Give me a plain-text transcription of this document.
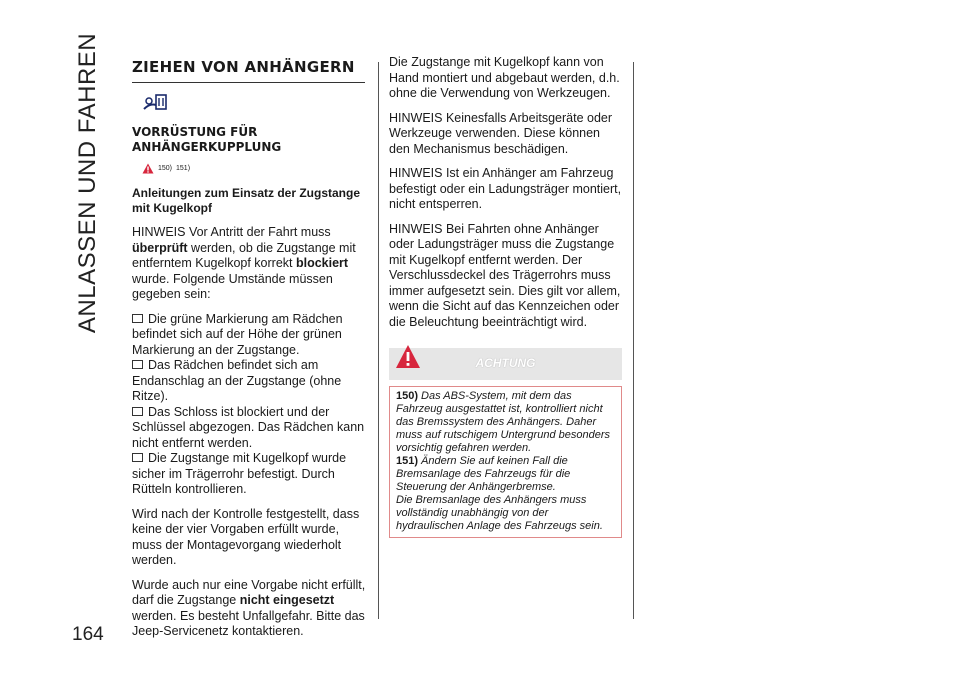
ANLASSEN UND FAHREN
164
ZIEHEN VON ANHÄNGERN
VORRÜSTUNG FÜR
ANHÄNGERKUPPLUNG
150) 151)
Anleitungen zum Einsatz der Zugstange mit Kugelkopf

HINWEIS Vor Antritt der Fahrt muss überprüft werden, ob die Zugstange mit entferntem Kugelkopf korrekt blockiert wurde. Folgende Umstände müssen gegeben sein:

Die grüne Markierung am Rädchen befindet sich auf der Höhe der grünen Markierung an der Zugstange.
Das Rädchen befindet sich am Endanschlag an der Zugstange (ohne Ritze).
Das Schloss ist blockiert und der Schlüssel abgezogen. Das Rädchen kann nicht entfernt werden.
Die Zugstange mit Kugelkopf wurde sicher im Trägerrohr befestigt. Durch Rütteln kontrollieren.

Wird nach der Kontrolle festgestellt, dass keine der vier Vorgaben erfüllt wurde, muss der Montagevorgang wiederholt werden.

Wurde auch nur eine Vorgabe nicht erfüllt, darf die Zugstange nicht eingesetzt werden. Es besteht Unfallgefahr. Bitte das Jeep-Servicenetz kontaktieren.

Die Zugstange mit Kugelkopf kann von Hand montiert und abgebaut werden, d.h. ohne die Verwendung von Werkzeugen.

HINWEIS Keinesfalls Arbeitsgeräte oder Werkzeuge verwenden. Diese können den Mechanismus beschädigen.

HINWEIS Ist ein Anhänger am Fahrzeug befestigt oder ein Ladungsträger montiert, nicht entsperren.

HINWEIS Bei Fahrten ohne Anhänger oder Ladungsträger muss die Zugstange mit Kugelkopf entfernt werden. Der Verschlussdeckel des Trägerrohrs muss immer aufgesetzt sein. Dies gilt vor allem, wenn die Sicht auf das Kennzeichen oder die Beleuchtung beeinträchtigt wird.

ACHTUNG
150) Das ABS-System, mit dem das Fahrzeug ausgestattet ist, kontrolliert nicht das Bremssystem des Anhängers. Daher muss auf rutschigem Untergrund besonders vorsichtig gefahren werden.
151) Ändern Sie auf keinen Fall die Bremsanlage des Fahrzeugs für die Steuerung der Anhängerbremse.
Die Bremsanlage des Anhängers muss vollständig unabhängig von der hydraulischen Anlage des Fahrzeugs sein.
